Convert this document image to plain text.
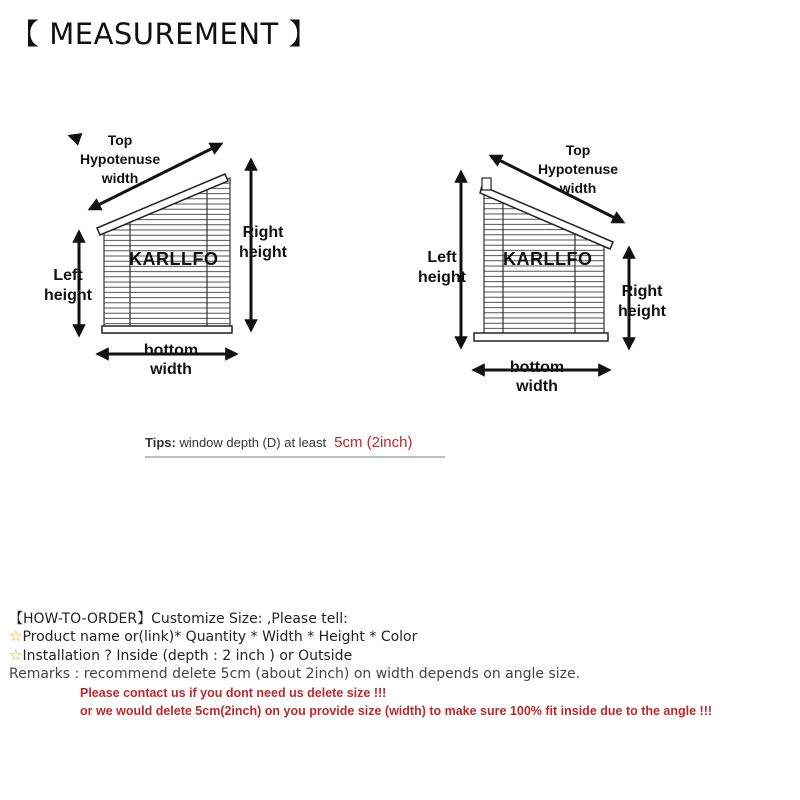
【 MEASUREMENT 】
Top
Hypotenuse
width
Right
height
Left
height
bottom
width
KARLLFO
Top
Hypotenuse
width
Left
height
Right
height
bottom
width
KARLLFO
Tips: window depth (D) at least 5cm (2inch)
【HOW-TO-ORDER】Customize Size: ,Please tell:
☆Product name or(link)* Quantity * Width * Height * Color
☆Installation ? Inside (depth : 2 inch ) or Outside
Remarks : recommend delete 5cm (about 2inch) on width depends on angle size.
Please contact us if you dont need us delete size !!!
or we would delete 5cm(2inch) on you provide size (width) to make sure 100% fit inside due to the angle !!!
